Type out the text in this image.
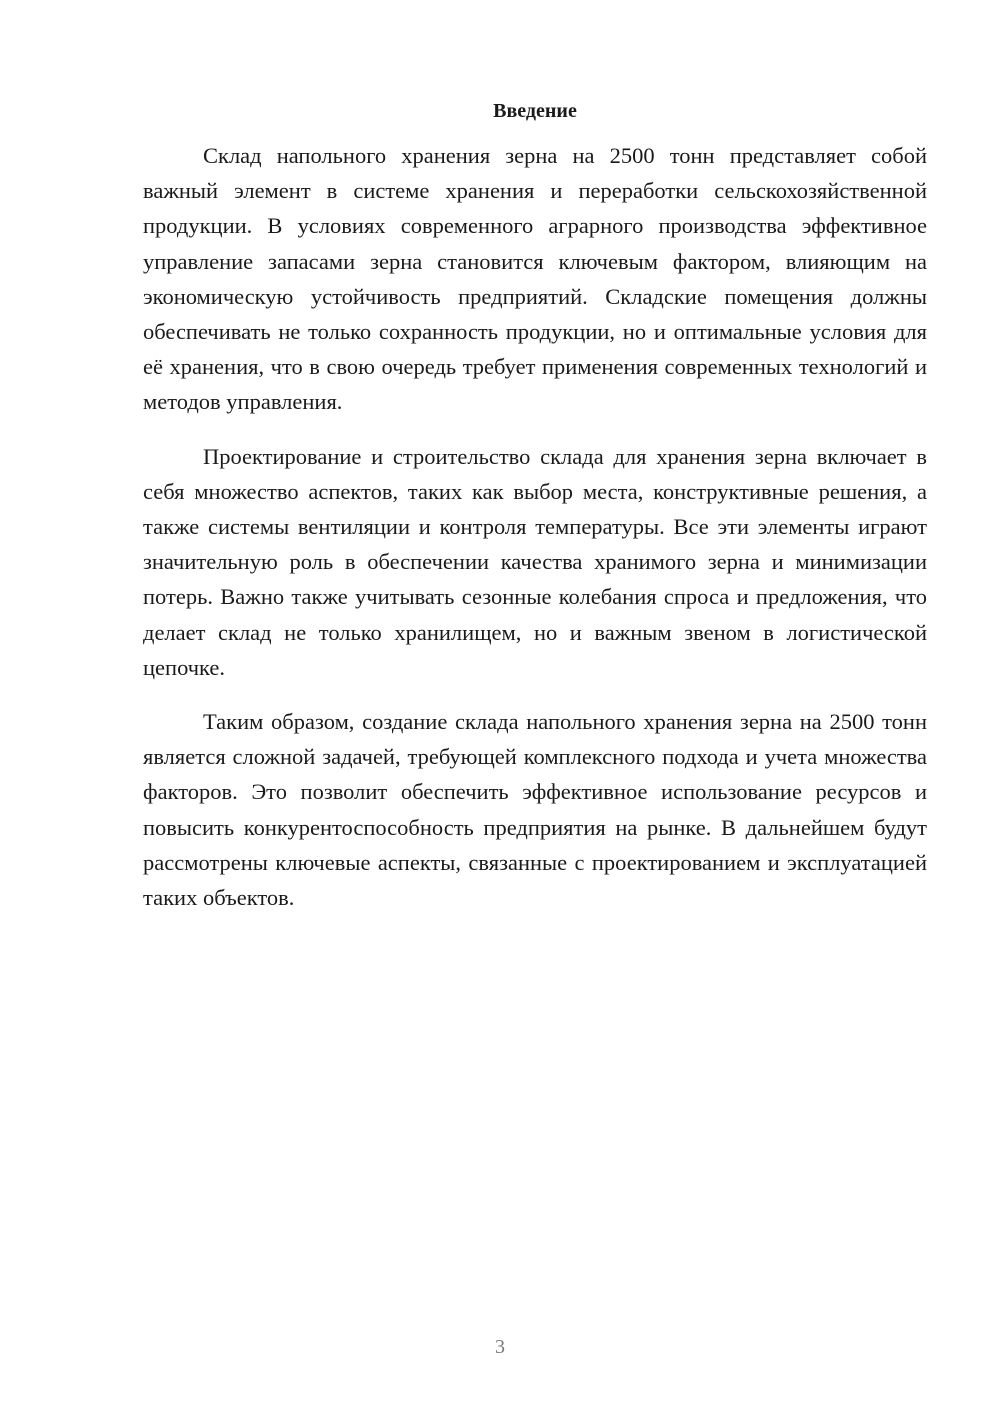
Введение

Склад напольного хранения зерна на 2500 тонн представляет собой важный элемент в системе хранения и переработки сельскохозяйственной продукции. В условиях современного аграрного производства эффективное управление запасами зерна становится ключевым фактором, влияющим на экономическую устойчивость предприятий. Складские помещения должны обеспечивать не только сохранность продукции, но и оптимальные условия для её хранения, что в свою очередь требует применения современных технологий и методов управления.

Проектирование и строительство склада для хранения зерна включает в себя множество аспектов, таких как выбор места, конструктивные решения, а также системы вентиляции и контроля температуры. Все эти элементы играют значительную роль в обеспечении качества хранимого зерна и минимизации потерь. Важно также учитывать сезонные колебания спроса и предложения, что делает склад не только хранилищем, но и важным звеном в логистической цепочке.

Таким образом, создание склада напольного хранения зерна на 2500 тонн является сложной задачей, требующей комплексного подхода и учета множества факторов. Это позволит обеспечить эффективное использование ресурсов и повысить конкурентоспособность предприятия на рынке. В дальнейшем будут рассмотрены ключевые аспекты, связанные с проектированием и эксплуатацией таких объектов.

3
